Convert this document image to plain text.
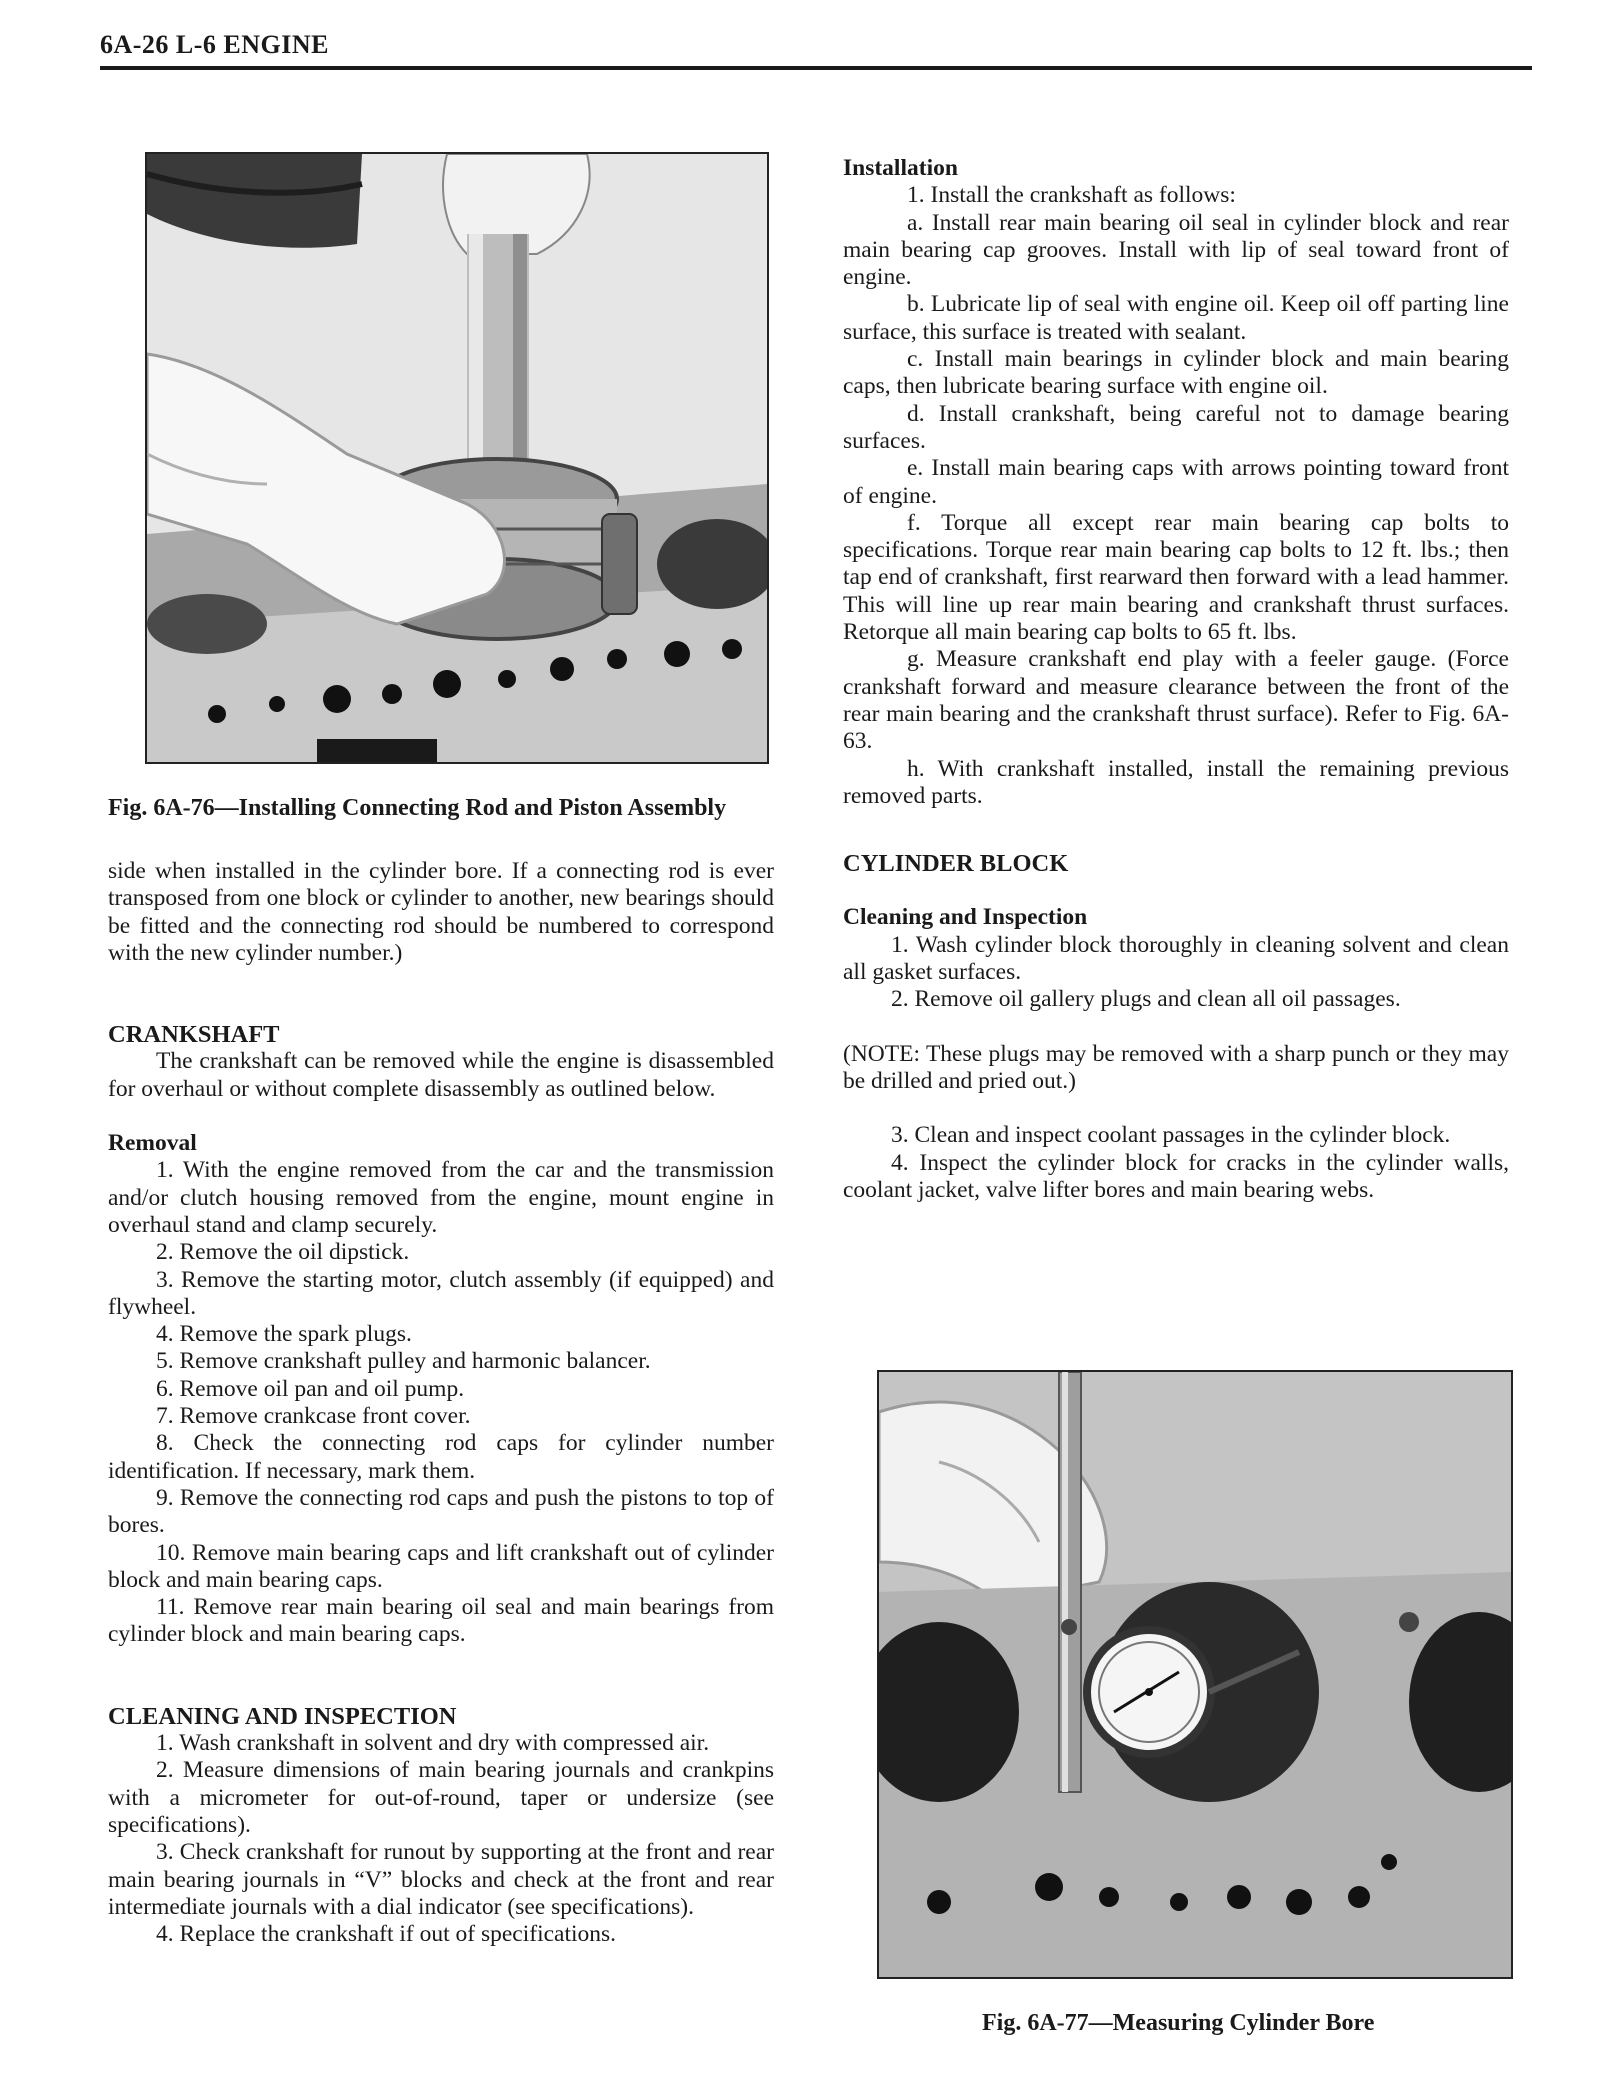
6A-26 L-6 ENGINE
Fig. 6A-76—Installing Connecting Rod and Piston Assembly

side when installed in the cylinder bore. If a connecting rod is ever transposed from one block or cylinder to another, new bearings should be fitted and the connecting rod should be numbered to correspond with the new cylinder number.)

CRANKSHAFT

The crankshaft can be removed while the engine is disassembled for overhaul or without complete disassembly as outlined below.

Removal

1. With the engine removed from the car and the transmission and/or clutch housing removed from the engine, mount engine in overhaul stand and clamp securely.

2. Remove the oil dipstick.

3. Remove the starting motor, clutch assembly (if equipped) and flywheel.

4. Remove the spark plugs.

5. Remove crankshaft pulley and harmonic balancer.

6. Remove oil pan and oil pump.

7. Remove crankcase front cover.

8. Check the connecting rod caps for cylinder number identification. If necessary, mark them.

9. Remove the connecting rod caps and push the pistons to top of bores.

10. Remove main bearing caps and lift crankshaft out of cylinder block and main bearing caps.

11. Remove rear main bearing oil seal and main bearings from cylinder block and main bearing caps.

CLEANING AND INSPECTION

1. Wash crankshaft in solvent and dry with compressed air.

2. Measure dimensions of main bearing journals and crankpins with a micrometer for out-of-round, taper or undersize (see specifications).

3. Check crankshaft for runout by supporting at the front and rear main bearing journals in “V” blocks and check at the front and rear intermediate journals with a dial indicator (see specifications).

4. Replace the crankshaft if out of specifications.

Installation

1. Install the crankshaft as follows:

a. Install rear main bearing oil seal in cylinder block and rear main bearing cap grooves. Install with lip of seal toward front of engine.

b. Lubricate lip of seal with engine oil. Keep oil off parting line surface, this surface is treated with sealant.

c. Install main bearings in cylinder block and main bearing caps, then lubricate bearing surface with engine oil.

d. Install crankshaft, being careful not to damage bearing surfaces.

e. Install main bearing caps with arrows pointing toward front of engine.

f. Torque all except rear main bearing cap bolts to specifications. Torque rear main bearing cap bolts to 12 ft. lbs.; then tap end of crankshaft, first rearward then forward with a lead hammer. This will line up rear main bearing and crankshaft thrust surfaces. Retorque all main bearing cap bolts to 65 ft. lbs.

g. Measure crankshaft end play with a feeler gauge. (Force crankshaft forward and measure clearance between the front of the rear main bearing and the crankshaft thrust surface). Refer to Fig. 6A-63.

h. With crankshaft installed, install the remaining previous removed parts.

CYLINDER BLOCK

Cleaning and Inspection

1. Wash cylinder block thoroughly in cleaning solvent and clean all gasket surfaces.

2. Remove oil gallery plugs and clean all oil passages.

(NOTE: These plugs may be removed with a sharp punch or they may be drilled and pried out.)

3. Clean and inspect coolant passages in the cylinder block.

4. Inspect the cylinder block for cracks in the cylinder walls, coolant jacket, valve lifter bores and main bearing webs.

Fig. 6A-77—Measuring Cylinder Bore
